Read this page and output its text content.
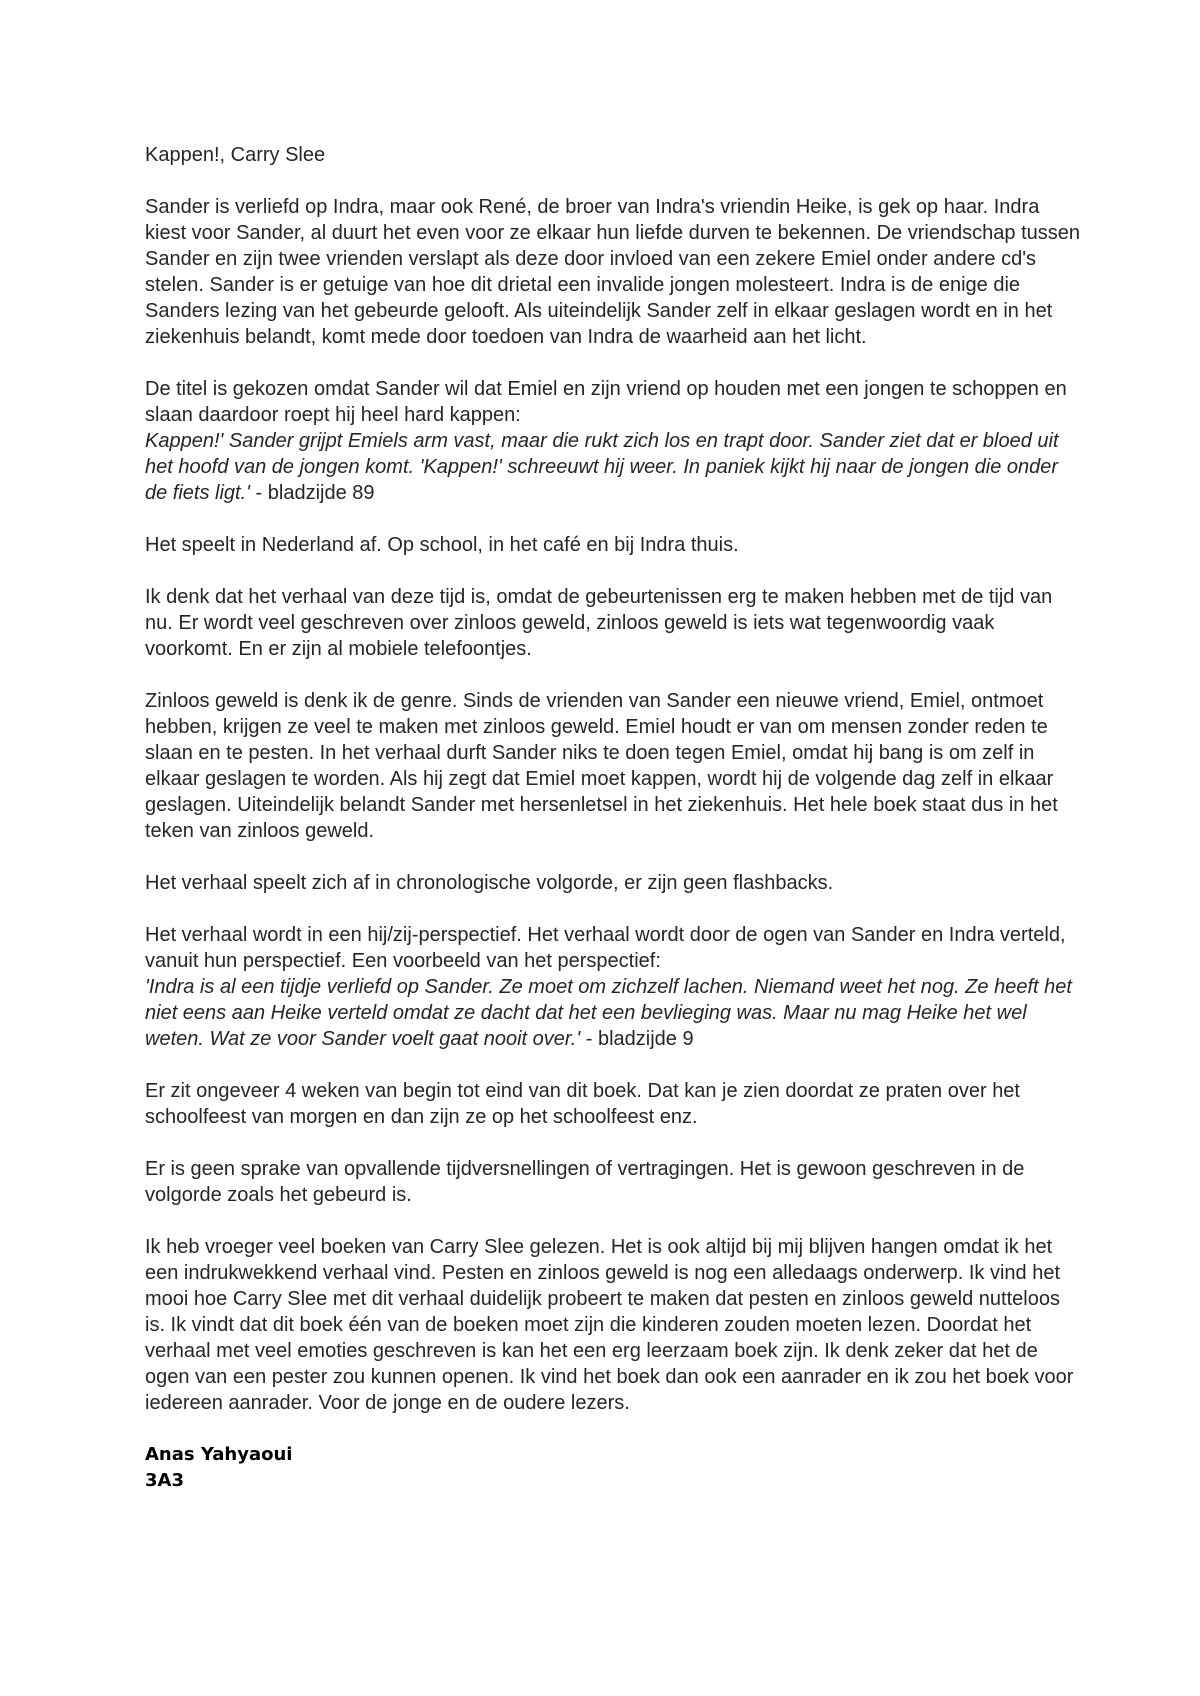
Kappen!, Carry Slee

Sander is verliefd op Indra, maar ook René, de broer van Indra's vriendin Heike, is gek op haar. Indra kiest voor Sander, al duurt het even voor ze elkaar hun liefde durven te bekennen. De vriendschap tussen Sander en zijn twee vrienden verslapt als deze door invloed van een zekere Emiel onder andere cd's stelen. Sander is er getuige van hoe dit drietal een invalide jongen molesteert. Indra is de enige die Sanders lezing van het gebeurde gelooft. Als uiteindelijk Sander zelf in elkaar geslagen wordt en in het ziekenhuis belandt, komt mede door toedoen van Indra de waarheid aan het licht.

De titel is gekozen omdat Sander wil dat Emiel en zijn vriend op houden met een jongen te schoppen en slaan daardoor roept hij heel hard kappen:
Kappen!' Sander grijpt Emiels arm vast, maar die rukt zich los en trapt door. Sander ziet dat er bloed uit het hoofd van de jongen komt. 'Kappen!' schreeuwt hij weer. In paniek kijkt hij naar de jongen die onder de fiets ligt.' - bladzijde 89

Het speelt in Nederland af. Op school, in het café en bij Indra thuis.

Ik denk dat het verhaal van deze tijd is, omdat de gebeurtenissen erg te maken hebben met de tijd van nu. Er wordt veel geschreven over zinloos geweld, zinloos geweld is iets wat tegenwoordig vaak voorkomt. En er zijn al mobiele telefoontjes.

Zinloos geweld is denk ik de genre. Sinds de vrienden van Sander een nieuwe vriend, Emiel, ontmoet hebben, krijgen ze veel te maken met zinloos geweld. Emiel houdt er van om mensen zonder reden te slaan en te pesten. In het verhaal durft Sander niks te doen tegen Emiel, omdat hij bang is om zelf in elkaar geslagen te worden. Als hij zegt dat Emiel moet kappen, wordt hij de volgende dag zelf in elkaar geslagen. Uiteindelijk belandt Sander met hersenletsel in het ziekenhuis. Het hele boek staat dus in het teken van zinloos geweld.

Het verhaal speelt zich af in chronologische volgorde, er zijn geen flashbacks.

Het verhaal wordt in een hij/zij-perspectief. Het verhaal wordt door de ogen van Sander en Indra verteld, vanuit hun perspectief. Een voorbeeld van het perspectief:
'Indra is al een tijdje verliefd op Sander. Ze moet om zichzelf lachen. Niemand weet het nog. Ze heeft het niet eens aan Heike verteld omdat ze dacht dat het een bevlieging was. Maar nu mag Heike het wel weten. Wat ze voor Sander voelt gaat nooit over.' - bladzijde 9

Er zit ongeveer 4 weken van begin tot eind van dit boek. Dat kan je zien doordat ze praten over het schoolfeest van morgen en dan zijn ze op het schoolfeest enz.

Er is geen sprake van opvallende tijdversnellingen of vertragingen. Het is gewoon geschreven in de volgorde zoals het gebeurd is.

Ik heb vroeger veel boeken van Carry Slee gelezen. Het is ook altijd bij mij blijven hangen omdat ik het een indrukwekkend verhaal vind. Pesten en zinloos geweld is nog een alledaags onderwerp. Ik vind het mooi hoe Carry Slee met dit verhaal duidelijk probeert te maken dat pesten en zinloos geweld nutteloos is. Ik vindt dat dit boek één van de boeken moet zijn die kinderen zouden moeten lezen. Doordat het verhaal met veel emoties geschreven is kan het een erg leerzaam boek zijn. Ik denk zeker dat het de ogen van een pester zou kunnen openen. Ik vind het boek dan ook een aanrader en ik zou het boek voor iedereen aanrader. Voor de jonge en de oudere lezers.

Anas Yahyaoui

3A3
